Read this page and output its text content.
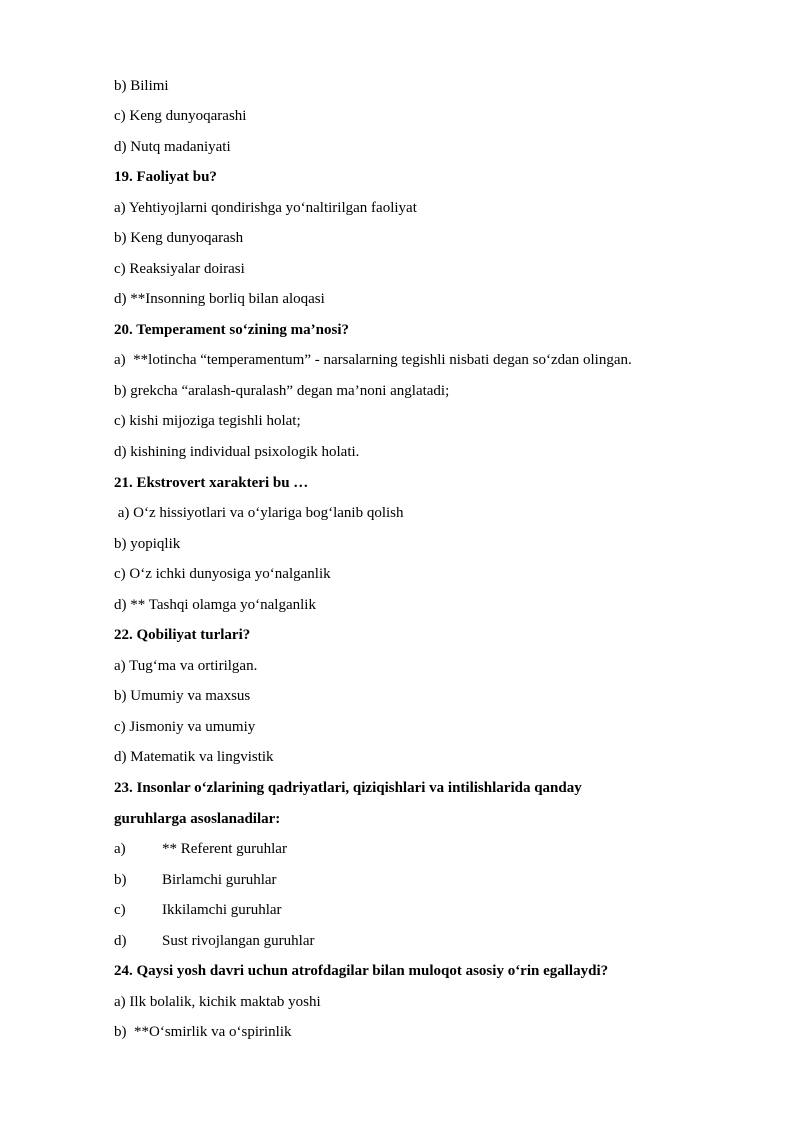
b) Bilimi
c) Keng dunyoqarashi
d) Nutq madaniyati
19. Faoliyat bu?
a) Yehtiyojlarni qondirishga yo‘naltirilgan faoliyat
b) Keng dunyoqarash
c) Reaksiyalar doirasi
d) **Insonning borliq bilan aloqasi
20. Temperament so‘zining ma’nosi?
a)  **lotincha “temperamentum” - narsalarning tegishli nisbati degan so‘zdan olingan.
b) grekcha “aralash-quralash” degan ma’noni anglatadi;
c) kishi mijoziga tegishli holat;
d) kishining individual psixologik holati.
21. Ekstrovert xarakteri bu …
a) O‘z hissiyotlari va o‘ylariga bog‘lanib qolish
b) yopiqlik
c) O‘z ichki dunyosiga yo‘nalganlik
d) ** Tashqi olamga yo‘nalganlik
22. Qobiliyat turlari?
a) Tug‘ma va ortirilgan.
b) Umumiy va maxsus
c) Jismoniy va umumiy
d) Matematik va lingvistik
23. Insonlar o‘zlarining qadriyatlari, qiziqishlari va intilishlarida qanday
guruhlarga asoslanadilar:
a) ** Referent guruhlar
b) Birlamchi guruhlar
c) Ikkilamchi guruhlar
d) Sust rivojlangan guruhlar
24. Qaysi yosh davri uchun atrofdagilar bilan muloqot asosiy o‘rin egallaydi?
a) Ilk bolalik, kichik maktab yoshi
b)  **O‘smirlik va o‘spirinlik
